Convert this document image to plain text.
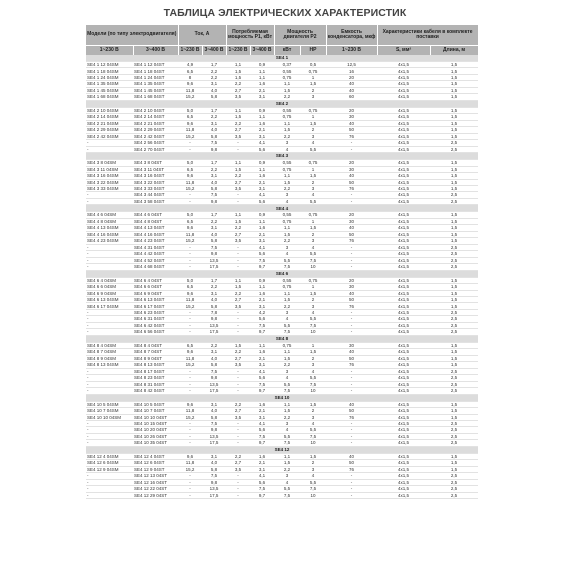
ТАБЛИЦА ЭЛЕКТРИЧЕСКИХ ХАРАКТЕРИСТИК
Модели (по типу электродвигателя)		Ток, А		Потребляемая мощность P1, кВт		Мощность двигателя P2		Емкость конденсатора, мкф	Характеристики кабеля в комплекте поставки	
1~230 В	3~400 В	1~230 В	3~400 В	1~230 В	3~400 В	кВт	HP	1~230 В	S, мм²	Длина, м
SE4 1										
SE4 1 12 04SM	SE4 1 12 04ST	4,9	1,7	1,1	0,9	0,37	0,5	12,5	4х1,5	1,5
SE4 1 18 04SM	SE4 1 18 04ST	6,5	2,2	1,5	1,1	0,55	0,75	16	4х1,5	1,5
SE4 1 24 04SM	SE4 1 24 04ST	8	2,2	1,5	1,1	0,75	1	20	4х1,5	1,5
SE4 1 35 04SM	SE4 1 35 04ST	9,6	3,1	2,2	1,6	1,1	1,5	40	4х1,5	1,5
SE4 1 45 04SM	SE4 1 45 04ST	11,8	4,0	2,7	2,1	1,5	2	40	4х1,5	1,5
SE4 1 68 04SM	SE4 1 68 04ST	15,2	5,8	3,5	3,1	2,2	3	60	4х1,5	1,5
SE4 2										
SE4 2 10 04SM	SE4 2 10 04ST	5,0	1,7	1,1	0,9	0,55	0,75	20	4х1,5	1,5
SE4 2 14 04SM	SE4 2 14 04ST	6,5	2,2	1,5	1,1	0,75	1	30	4х1,5	1,5
SE4 2 21 04SM	SE4 2 21 04ST	9,6	3,1	2,2	1,6	1,1	1,5	40	4х1,5	1,5
SE4 2 29 04SM	SE4 2 29 04ST	11,8	4,0	2,7	2,1	1,5	2	50	4х1,5	1,5
SE4 2 42 04SM	SE4 2 42 04ST	15,2	5,8	3,5	3,1	2,2	3	76	4х1,5	1,5
-	SE4 2 56 04ST	-	7,5	-	4,1	3	4	-	4х1,5	2,5
-	SE4 2 70 04ST	-	9,8	-	5,6	4	5,5	-	4х1,5	2,5
SE4 3										
SE4 3 8 04SM	SE4 3 8 04ST	5,0	1,7	1,1	0,9	0,55	0,75	20	4х1,5	1,5
SE4 3 11 04SM	SE4 3 11 04ST	6,5	2,2	1,5	1,1	0,75	1	30	4х1,5	1,5
SE4 3 16 04SM	SE4 3 16 04ST	9,6	3,1	2,2	1,6	1,1	1,5	40	4х1,5	1,5
SE4 3 22 04SM	SE4 3 22 04ST	11,8	4,0	2,7	2,1	1,5	2	50	4х1,5	1,5
SE4 3 33 04SM	SE4 3 33 04ST	15,2	5,8	3,5	3,1	2,2	3	76	4х1,5	1,5
-	SE4 3 44 04ST	-	7,5	-	4,1	3	4	-	4х1,5	2,5
-	SE4 3 58 04ST	-	9,8	-	5,6	4	5,5	-	4х1,5	2,5
SE4 4										
SE4 4 6 04SM	SE4 4 6 04ST	5,0	1,7	1,1	0,9	0,55	0,75	20	4х1,5	1,5
SE4 4 8 04SM	SE4 4 8 04ST	6,5	2,2	1,5	1,1	0,75	1	30	4х1,5	1,5
SE4 4 13 04SM	SE4 4 13 04ST	9,6	3,1	2,2	1,6	1,1	1,5	40	4х1,5	1,5
SE4 4 16 04SM	SE4 4 16 04ST	11,8	4,0	2,7	2,1	1,5	2	50	4х1,5	1,5
SE4 4 23 04SM	SE4 4 23 04ST	15,2	5,8	3,5	3,1	2,2	3	76	4х1,5	1,5
-	SE4 4 31 04ST	-	7,5	-	4,1	3	4	-	4х1,5	2,5
-	SE4 4 42 04ST	-	9,8	-	5,6	4	5,5	-	4х1,5	2,5
-	SE4 4 52 04ST	-	13,5	-	7,5	5,5	7,5	-	4х1,5	2,5
-	SE4 4 68 04ST	-	17,5	-	9,7	7,5	10	-	4х1,5	2,5
SE4 6										
SE4 6 4 04SM	SE4 6 4 04ST	5,0	1,7	1,1	0,9	0,55	0,75	20	4х1,5	1,5
SE4 6 6 04SM	SE4 6 6 04ST	6,5	2,2	1,5	1,1	0,75	1	30	4х1,5	1,5
SE4 6 9 04SM	SE4 6 9 04ST	9,6	3,1	2,2	1,6	1,1	1,5	40	4х1,5	1,5
SE4 6 13 04SM	SE4 6 13 04ST	11,8	4,0	2,7	2,1	1,5	2	50	4х1,5	1,5
SE4 6 17 04SM	SE4 6 17 04ST	15,2	5,8	3,5	3,1	2,2	3	76	4х1,5	1,5
-	SE4 6 23 04ST	-	7,8	-	4,2	3	4	-	4х1,5	2,5
-	SE4 6 31 04ST	-	9,8	-	5,6	4	5,5	-	4х1,5	2,5
-	SE4 6 42 04ST	-	13,5	-	7,5	5,5	7,5	-	4х1,5	2,5
-	SE4 6 56 04ST	-	17,5	-	9,7	7,5	10	-	4х1,5	2,5
SE4 8										
SE4 8 4 04SM	SE4 8 4 04ST	6,5	2,2	1,5	1,1	0,75	1	30	4х1,5	1,5
SE4 8 7 04SM	SE4 8 7 04ST	9,6	3,1	2,2	1,6	1,1	1,5	40	4х1,5	1,5
SE4 8 9 04SM	SE4 8 9 04ST	11,8	4,0	2,7	2,1	1,5	2	50	4х1,5	1,5
SE4 8 13 04SM	SE4 8 13 04ST	15,2	5,8	3,5	3,1	2,2	3	76	4х1,5	1,5
-	SE4 8 17 04ST	-	7,5	-	4,1	3	4	-	4х1,5	2,5
-	SE4 8 23 04ST	-	9,8	-	5,6	4	5,5	-	4х1,5	2,5
-	SE4 8 31 04ST	-	13,5	-	7,5	5,5	7,5	-	4х1,5	2,5
-	SE4 8 42 04ST	-	17,5	-	9,7	7,5	10	-	4х1,5	2,5
SE4 10										
SE4 10 5 04SM	SE4 10 5 04ST	9,6	3,1	2,2	1,6	1,1	1,5	40	4х1,5	1,5
SE4 10 7 04SM	SE4 10 7 04ST	11,8	4,0	2,7	2,1	1,5	2	50	4х1,5	1,5
SE4 10 10 04SM	SE4 10 10 04ST	15,2	5,8	3,5	3,1	2,2	3	76	4х1,5	1,5
-	SE4 10 15 04ST	-	7,5	-	4,1	3	4	-	4х1,5	2,5
-	SE4 10 20 04ST	-	9,8	-	5,6	4	5,5	-	4х1,5	2,5
-	SE4 10 26 04ST	-	13,5	-	7,5	5,5	7,5	-	4х1,5	2,5
-	SE4 10 35 04ST	-	17,5	-	9,7	7,5	10	-	4х1,5	2,5
SE4 12										
SE4 12 4 04SM	SE4 12 4 04ST	9,6	3,1	2,2	1,6	1,1	1,5	40	4х1,5	1,5
SE4 12 6 04SM	SE4 12 6 04ST	11,8	4,0	2,7	2,1	1,5	2	50	4х1,5	1,5
SE4 12 9 04SM	SE4 12 9 04ST	15,2	5,8	3,5	3,1	2,2	3	76	4х1,5	1,5
-	SE4 12 13 04ST	-	7,5	-	4,1	3	4	-	4х1,5	2,5
-	SE4 12 16 04ST	-	9,8	-	5,6	4	5,5	-	4х1,5	2,5
-	SE4 12 22 04ST	-	13,5	-	7,5	5,5	7,5	-	4х1,5	2,5
-	SE4 12 29 04ST	-	17,5	-	9,7	7,5	10	-	4х1,5	2,5
